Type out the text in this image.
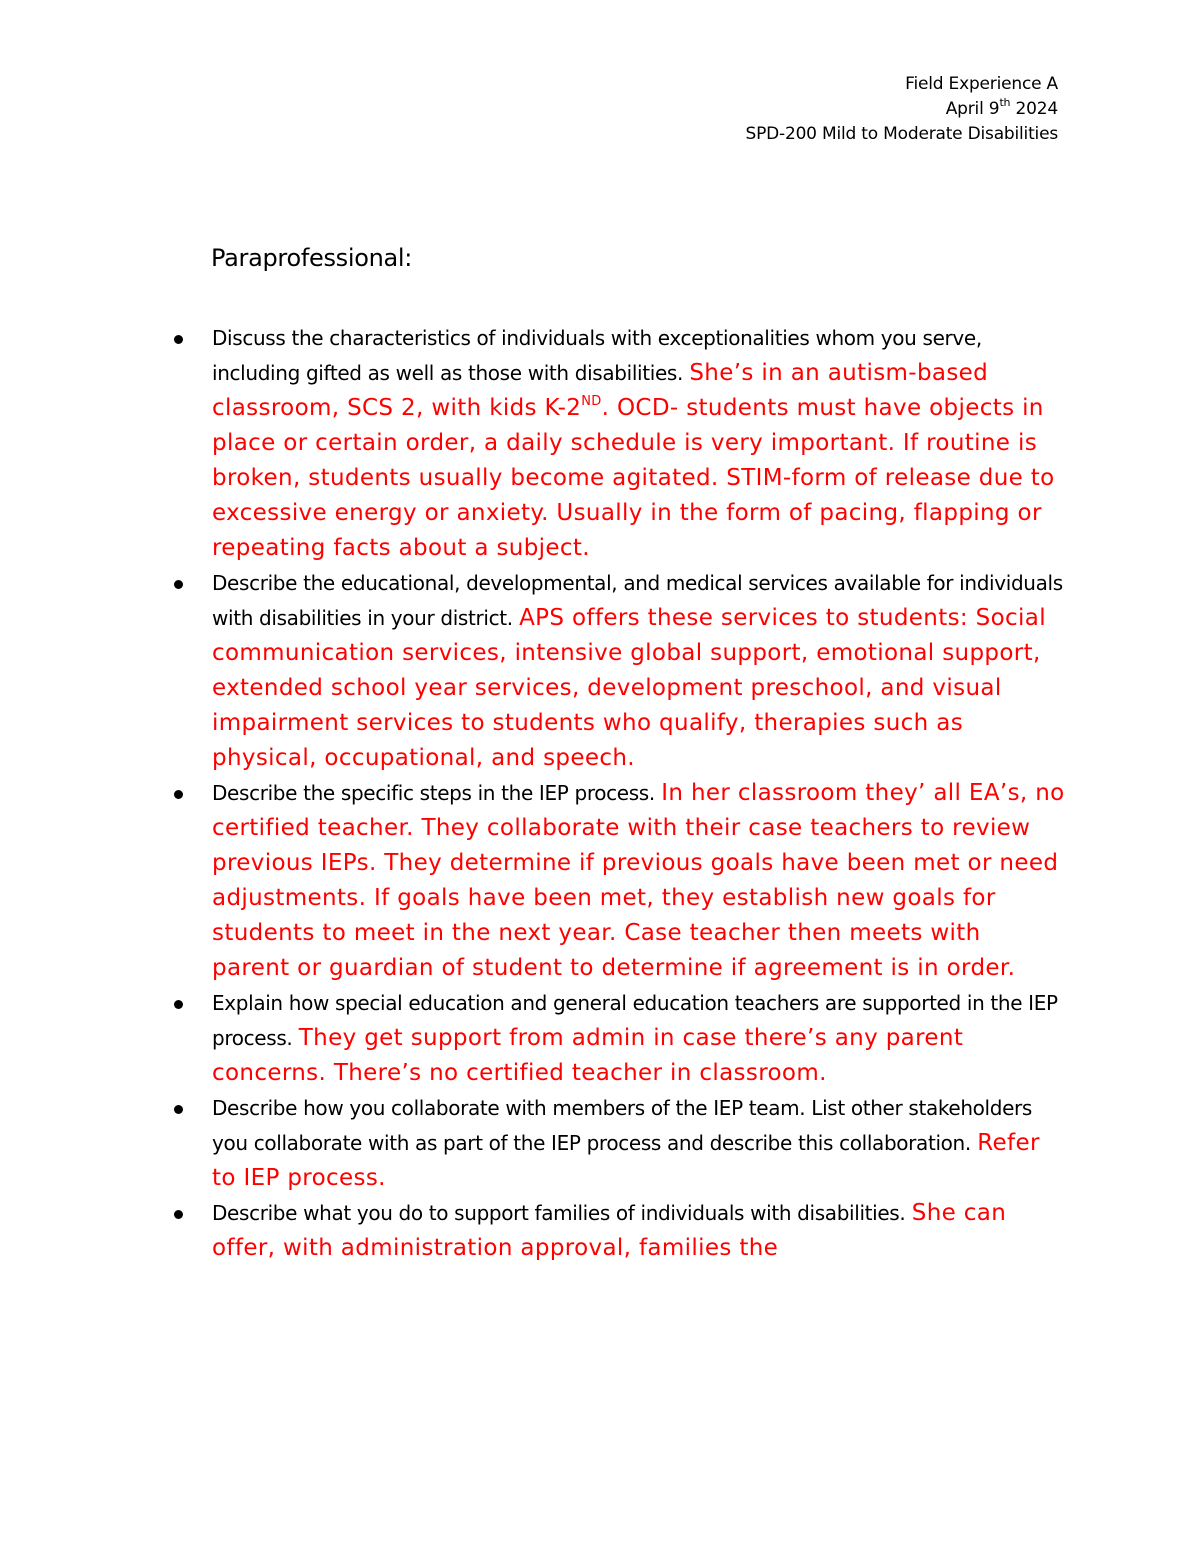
Field Experience A
April 9th 2024
SPD-200 Mild to Moderate Disabilities
Paraprofessional:
Discuss the characteristics of individuals with exceptionalities whom you serve, including gifted as well as those with disabilities. She’s in an autism-based classroom, SCS 2, with kids K-2ND. OCD- students must have objects in place or certain order, a daily schedule is very important. If routine is broken, students usually become agitated. STIM-form of release due to excessive energy or anxiety. Usually in the form of pacing, flapping or repeating facts about a subject.
Describe the educational, developmental, and medical services available for individuals with disabilities in your district. APS offers these services to students: Social communication services, intensive global support, emotional support, extended school year services, development preschool, and visual impairment services to students who qualify, therapies such as physical, occupational, and speech.
Describe the specific steps in the IEP process. In her classroom they’ all EA’s, no certified teacher. They collaborate with their case teachers to review previous IEPs. They determine if previous goals have been met or need adjustments. If goals have been met, they establish new goals for students to meet in the next year. Case teacher then meets with parent or guardian of student to determine if agreement is in order.
Explain how special education and general education teachers are supported in the IEP process. They get support from admin in case there’s any parent concerns. There’s no certified teacher in classroom.
Describe how you collaborate with members of the IEP team. List other stakeholders you collaborate with as part of the IEP process and describe this collaboration. Refer to IEP process.
Describe what you do to support families of individuals with disabilities. She can offer, with administration approval, families the
